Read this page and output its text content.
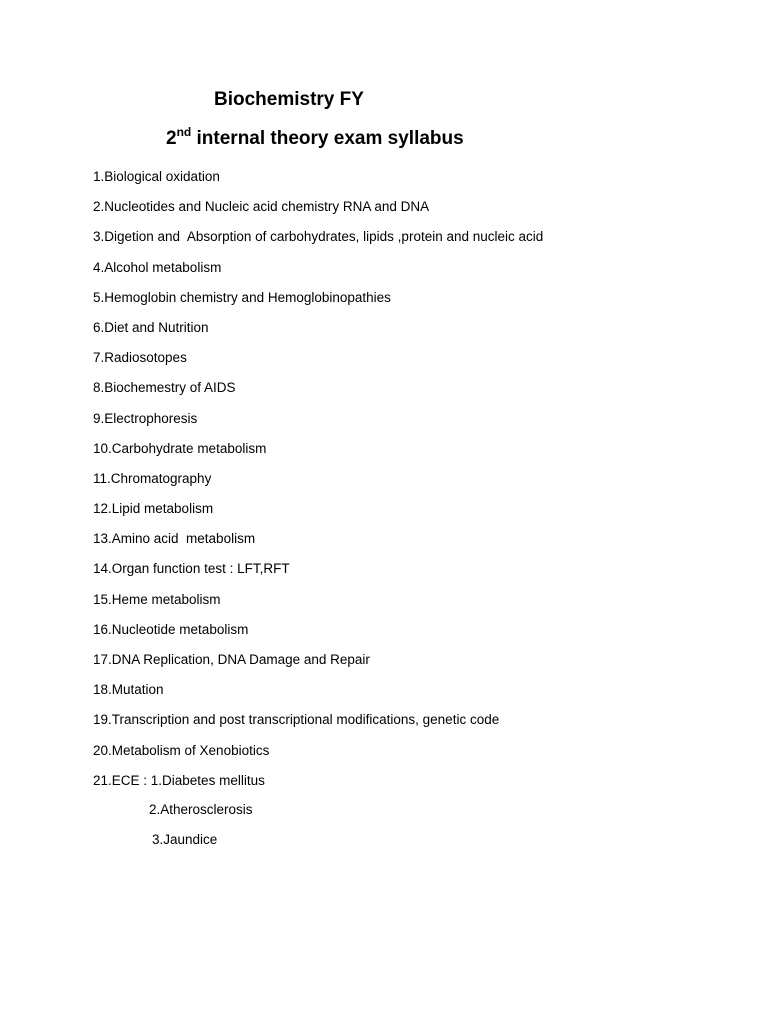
Biochemistry FY
2nd internal theory exam syllabus
1.Biological oxidation
2.Nucleotides and Nucleic acid chemistry RNA and DNA
3.Digetion and  Absorption of carbohydrates, lipids ,protein and nucleic acid
4.Alcohol metabolism
5.Hemoglobin chemistry and Hemoglobinopathies
6.Diet and Nutrition
7.Radiosotopes
8.Biochemestry of AIDS
9.Electrophoresis
10.Carbohydrate metabolism
11.Chromatography
12.Lipid metabolism
13.Amino acid  metabolism
14.Organ function test : LFT,RFT
15.Heme metabolism
16.Nucleotide metabolism
17.DNA Replication, DNA Damage and Repair
18.Mutation
19.Transcription and post transcriptional modifications, genetic code
20.Metabolism of Xenobiotics
21.ECE : 1.Diabetes mellitus
2.Atherosclerosis
3.Jaundice
